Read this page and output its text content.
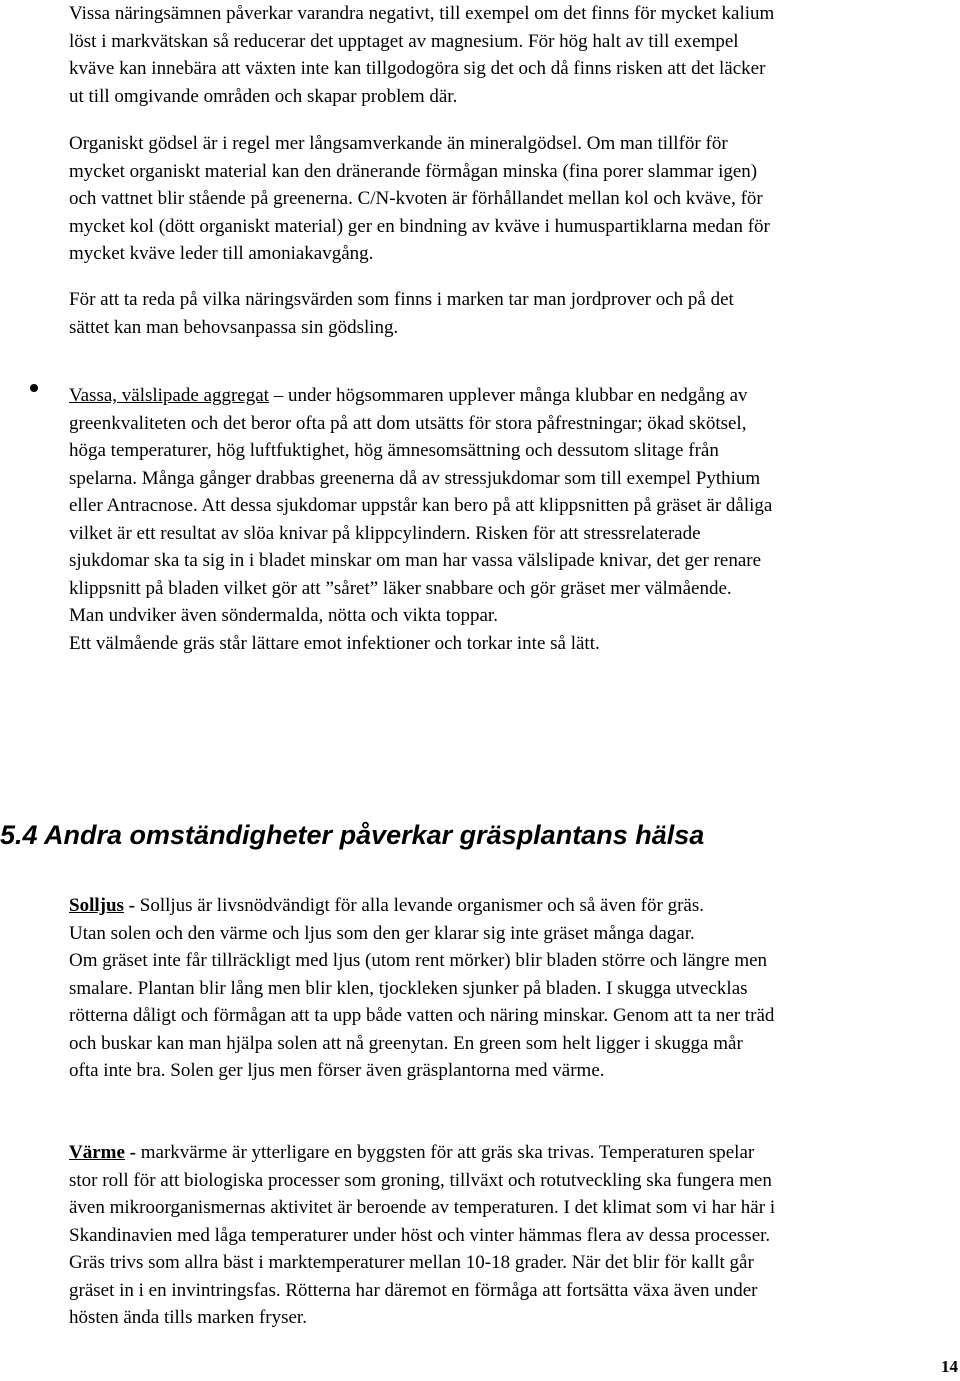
Vissa näringsämnen påverkar varandra negativt, till exempel om det finns för mycket kalium
löst i markvätskan så reducerar det upptaget av magnesium. För hög halt av till exempel
kväve kan innebära att växten inte kan tillgodogöra sig det och då finns risken att det läcker
ut till omgivande områden och skapar problem där.

Organiskt gödsel är i regel mer långsamverkande än mineralgödsel. Om man tillför för
mycket organiskt material kan den dränerande förmågan minska (fina porer slammar igen)
och vattnet blir stående på greenerna. C/N-kvoten är förhållandet mellan kol och kväve, för
mycket kol (dött organiskt material) ger en bindning av kväve i humuspartiklarna medan för
mycket kväve leder till amoniakavgång.

För att ta reda på vilka näringsvärden som finns i marken tar man jordprover och på det
sättet kan man behovsanpassa sin gödsling.

Vassa, välslipade aggregat – under högsommaren upplever många klubbar en nedgång av
greenkvaliteten och det beror ofta på att dom utsätts för stora påfrestningar; ökad skötsel,
höga temperaturer, hög luftfuktighet, hög ämnesomsättning och dessutom slitage från
spelarna. Många gånger drabbas greenerna då av stressjukdomar som till exempel Pythium
eller Antracnose. Att dessa sjukdomar uppstår kan bero på att klippsnitten på gräset är dåliga
vilket är ett resultat av slöa knivar på klippcylindern. Risken för att stressrelaterade
sjukdomar ska ta sig in i bladet minskar om man har vassa välslipade knivar, det ger renare
klippsnitt på bladen vilket gör att ”såret” läker snabbare och gör gräset mer välmående.
Man undviker även söndermalda, nötta och vikta toppar.
Ett välmående gräs står lättare emot infektioner och torkar inte så lätt.

5.4 Andra omständigheter påverkar gräsplantans hälsa

Solljus - Solljus är livsnödvändigt för alla levande organismer och så även för gräs.
Utan solen och den värme och ljus som den ger klarar sig inte gräset många dagar.
Om gräset inte får tillräckligt med ljus (utom rent mörker) blir bladen större och längre men
smalare. Plantan blir lång men blir klen, tjockleken sjunker på bladen. I skugga utvecklas
rötterna dåligt och förmågan att ta upp både vatten och näring minskar. Genom att ta ner träd
och buskar kan man hjälpa solen att nå greenytan. En green som helt ligger i skugga mår
ofta inte bra. Solen ger ljus men förser även gräsplantorna med värme.

Värme - markvärme är ytterligare en byggsten för att gräs ska trivas. Temperaturen spelar
stor roll för att biologiska processer som groning, tillväxt och rotutveckling ska fungera men
även mikroorganismernas aktivitet är beroende av temperaturen. I det klimat som vi har här i
Skandinavien med låga temperaturer under höst och vinter hämmas flera av dessa processer.
Gräs trivs som allra bäst i marktemperaturer mellan 10-18 grader. När det blir för kallt går
gräset in i en invintringsfas. Rötterna har däremot en förmåga att fortsätta växa även under
hösten ända tills marken fryser.

14
